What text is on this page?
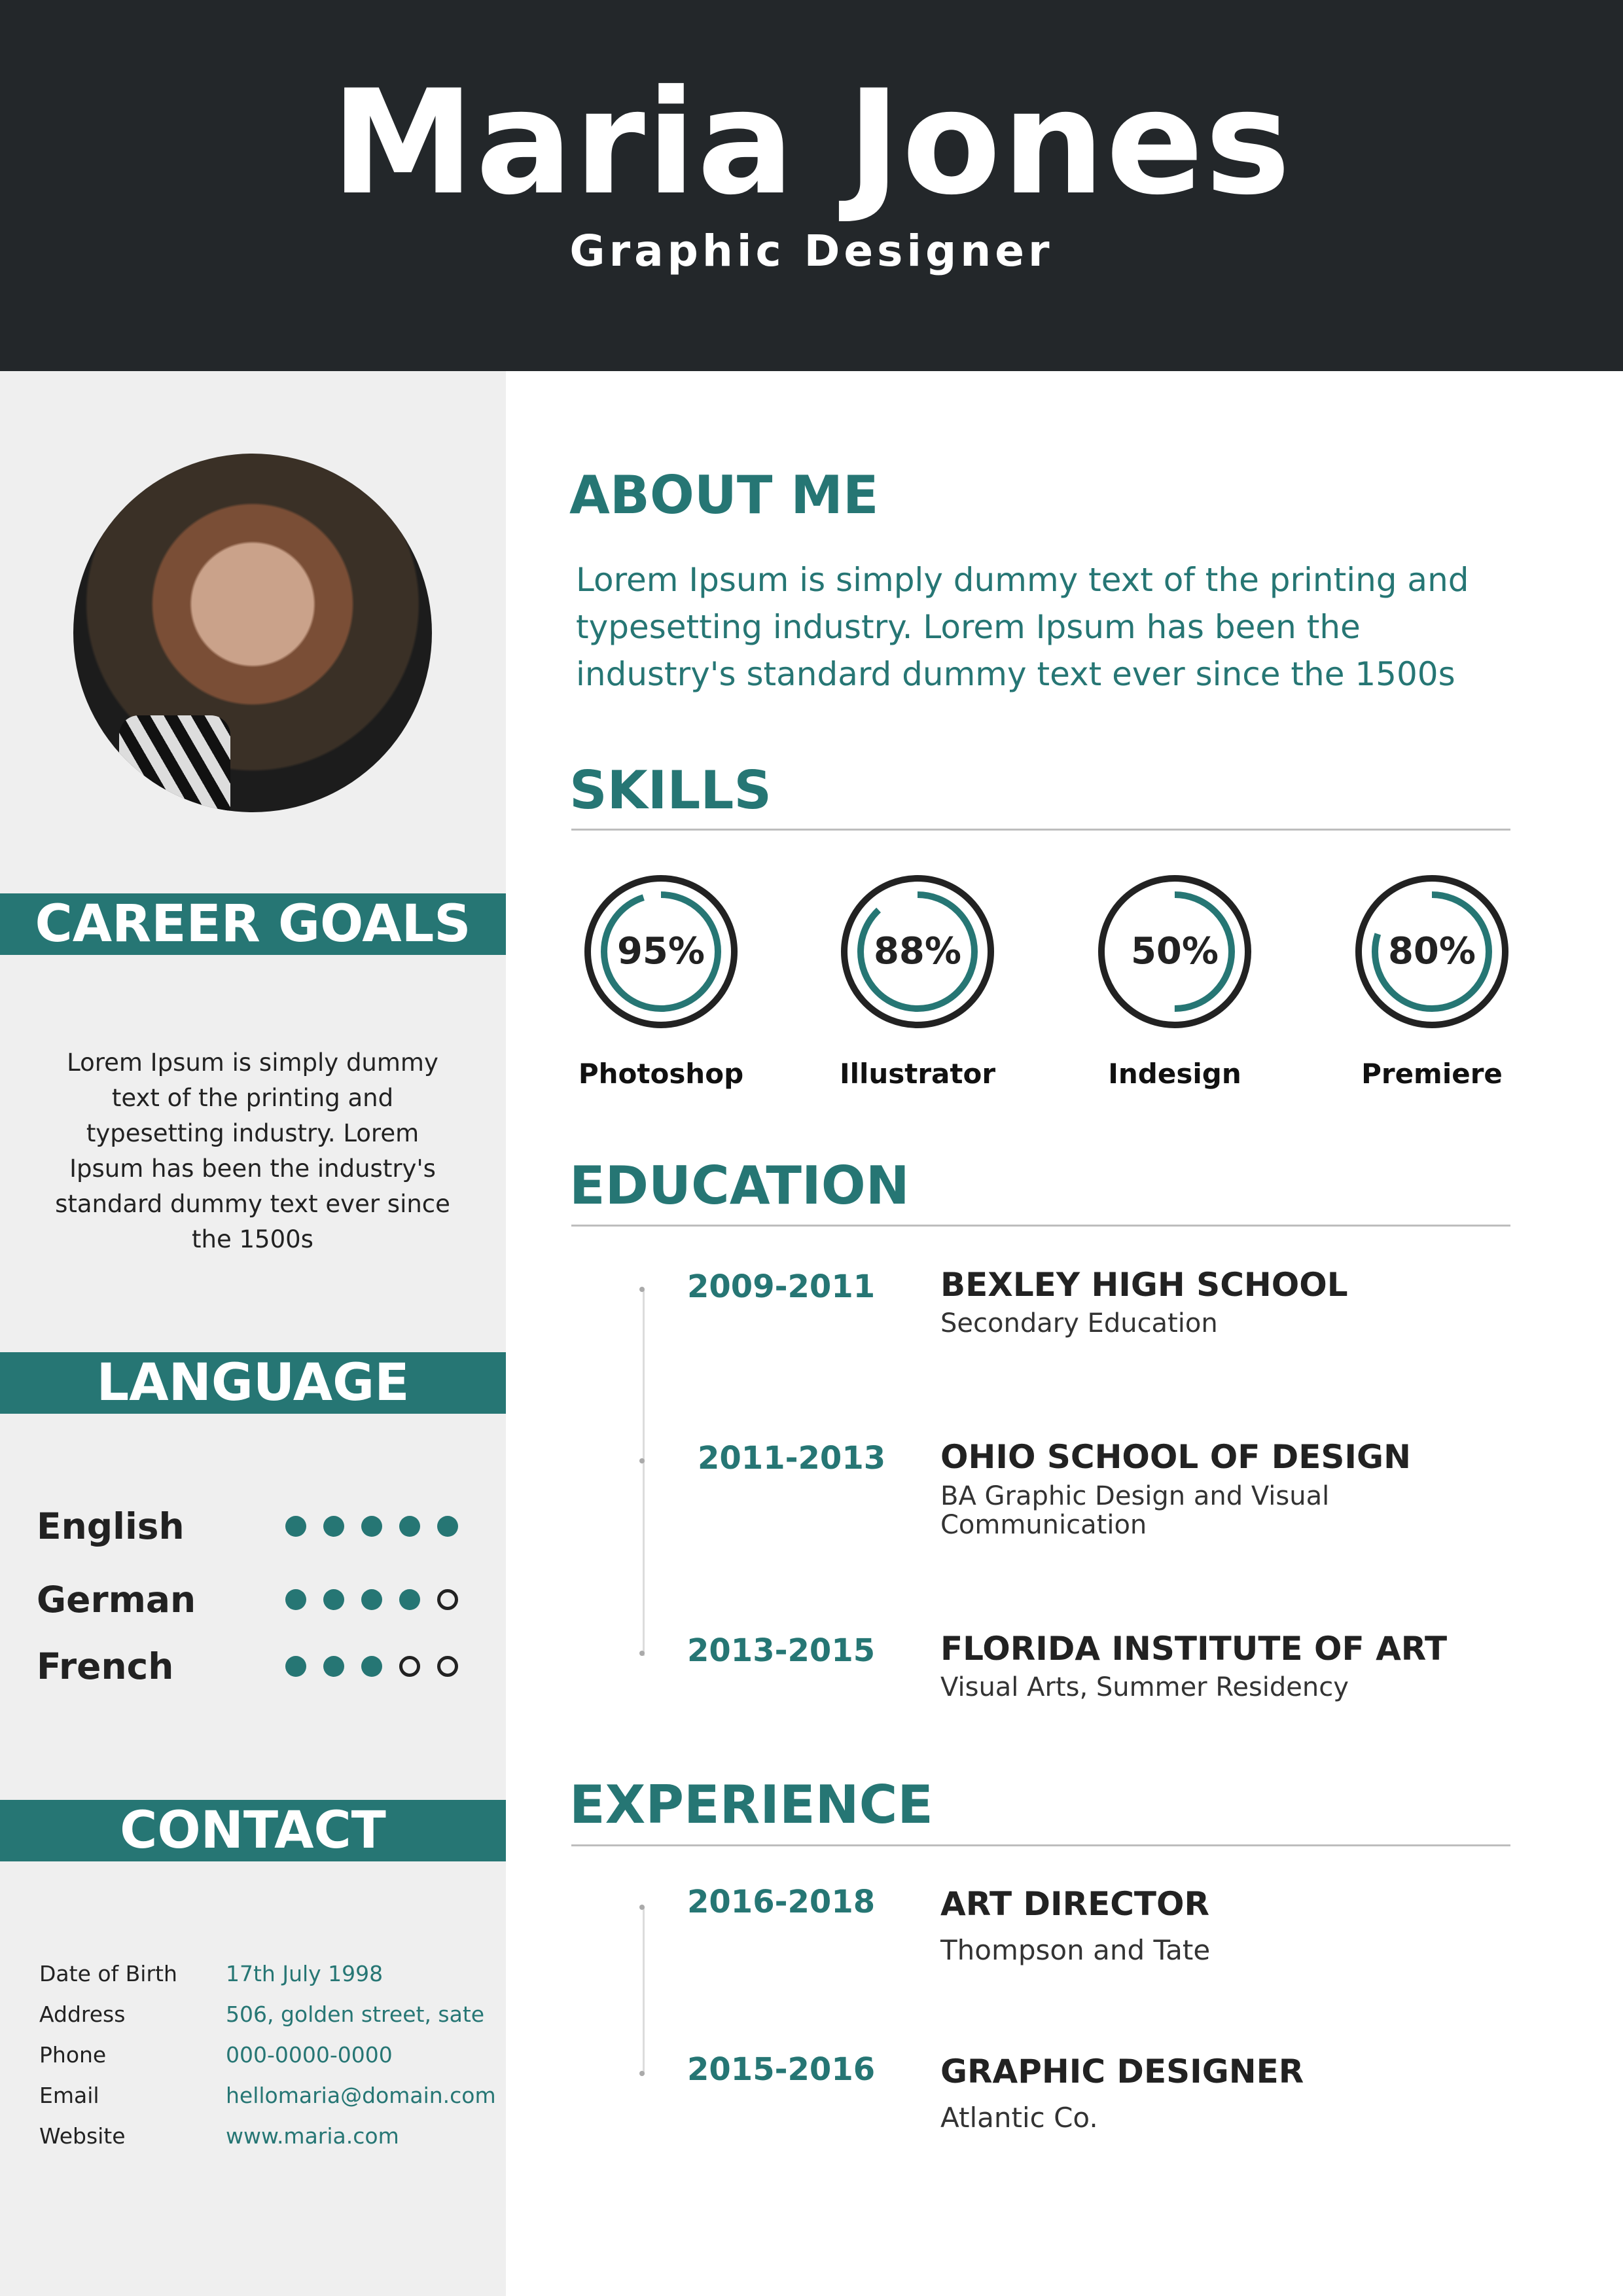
Maria Jones
Graphic Designer
CAREER GOALS
Lorem Ipsum is simply dummy text of the printing and typesetting industry. Lorem Ipsum has been the industry's standard dummy text ever since the 1500s
LANGUAGE
English
German
French
CONTACT
Date of Birth 17th July 1998
Address	506, golden street, sate
Phone	000-0000-0000
Email	hellomaria@domain.com
Website	www.maria.com
ABOUT ME
Lorem Ipsum is simply dummy text of the printing and typesetting industry. Lorem Ipsum has been the industry's standard dummy text ever since the 1500s
SKILLS
95%
Photoshop
88%
Illustrator
50%
Indesign
80%
Premiere
EDUCATION
2009-2011 BEXLEY HIGH SCHOOL
Secondary Education
2011-2013 OHIO SCHOOL OF DESIGN
BA Graphic Design and Visual Communication
2013-2015 FLORIDA INSTITUTE OF ART
Visual Arts, Summer Residency
EXPERIENCE
2016-2018 ART DIRECTOR
Thompson and Tate
2015-2016 GRAPHIC DESIGNER
Atlantic Co.
